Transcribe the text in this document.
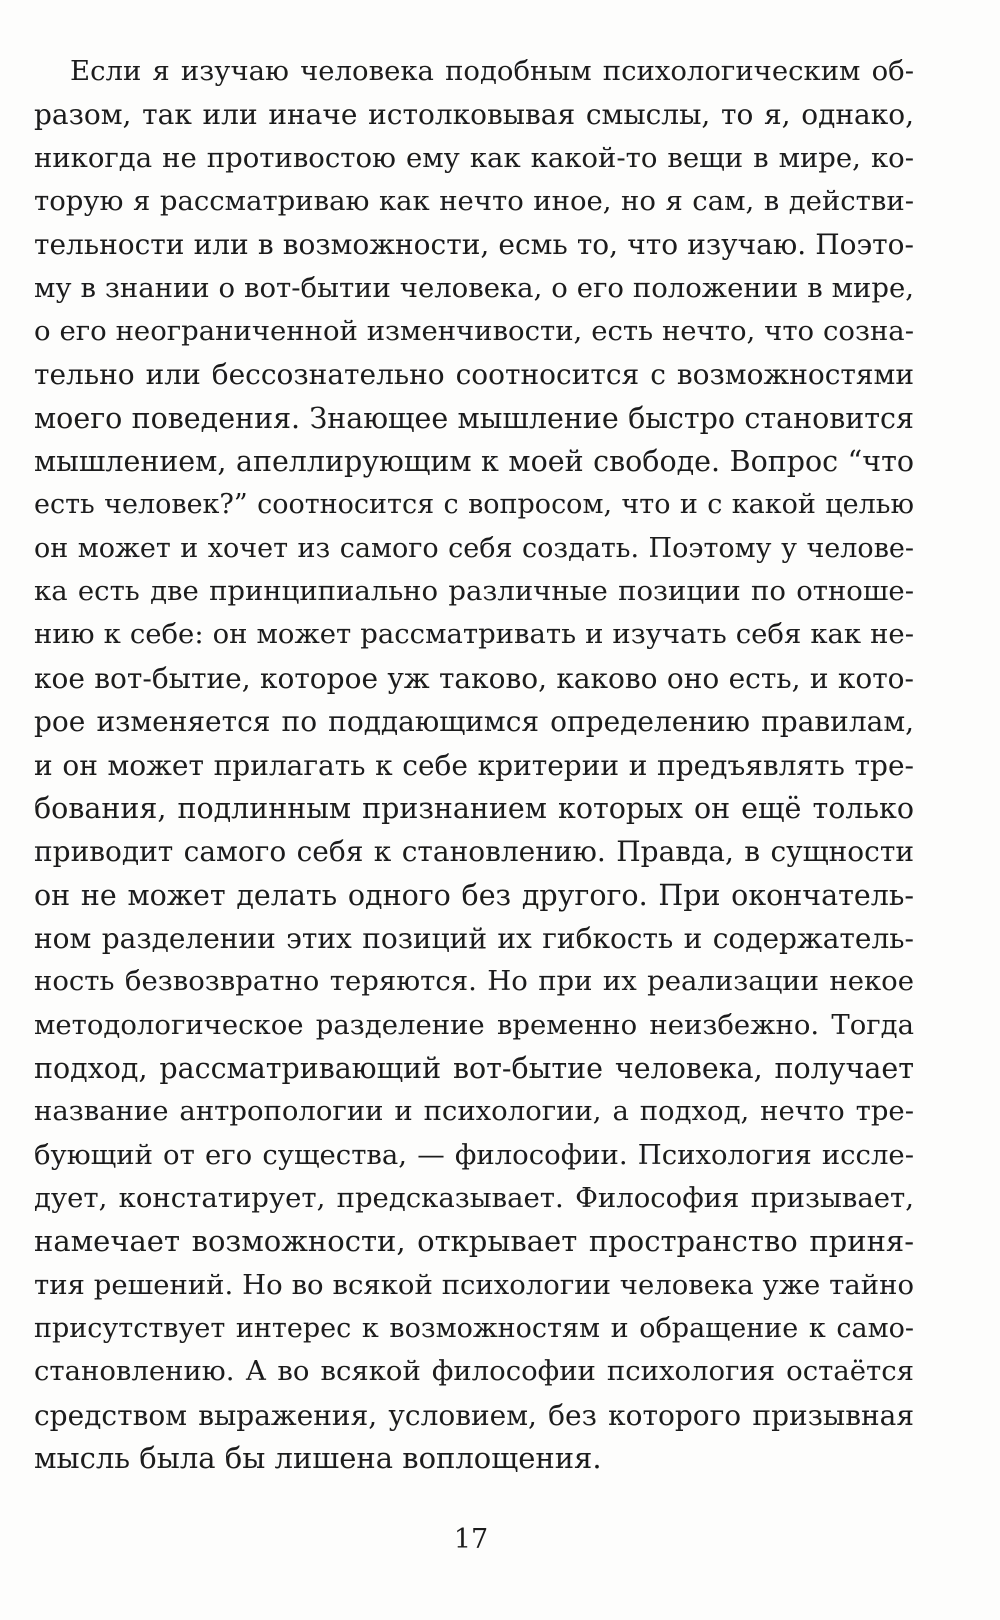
Если я изучаю человека подобным психологическим об-
разом, так или иначе истолковывая смыслы, то я, однако,
никогда не противостою ему как какой-то вещи в мире, ко-
торую я рассматриваю как нечто иное, но я сам, в действи-
тельности или в возможности, есмь то, что изучаю. Поэто-
му в знании о вот-бытии человека, о его положении в мире,
о его неограниченной изменчивости, есть нечто, что созна-
тельно или бессознательно соотносится с возможностями
моего поведения. Знающее мышление быстро становится
мышлением, апеллирующим к моей свободе. Вопрос “что
есть человек?” соотносится с вопросом, что и с какой целью
он может и хочет из самого себя создать. Поэтому у челове-
ка есть две принципиально различные позиции по отноше-
нию к себе: он может рассматривать и изучать себя как не-
кое вот-бытие, которое уж таково, каково оно есть, и кото-
рое изменяется по поддающимся определению правилам,
и он может прилагать к себе критерии и предъявлять тре-
бования, подлинным признанием которых он ещё только
приводит самого себя к становлению. Правда, в сущности
он не может делать одного без другого. При окончатель-
ном разделении этих позиций их гибкость и содержатель-
ность безвозвратно теряются. Но при их реализации некое
методологическое разделение временно неизбежно. Тогда
подход, рассматривающий вот-бытие человека, получает
название антропологии и психологии, а подход, нечто тре-
бующий от его существа, — философии. Психология иссле-
дует, констатирует, предсказывает. Философия призывает,
намечает возможности, открывает пространство приня-
тия решений. Но во всякой психологии человека уже тайно
присутствует интерес к возможностям и обращение к само-
становлению. А во всякой философии психология остаётся
средством выражения, условием, без которого призывная
мысль была бы лишена воплощения.
17
